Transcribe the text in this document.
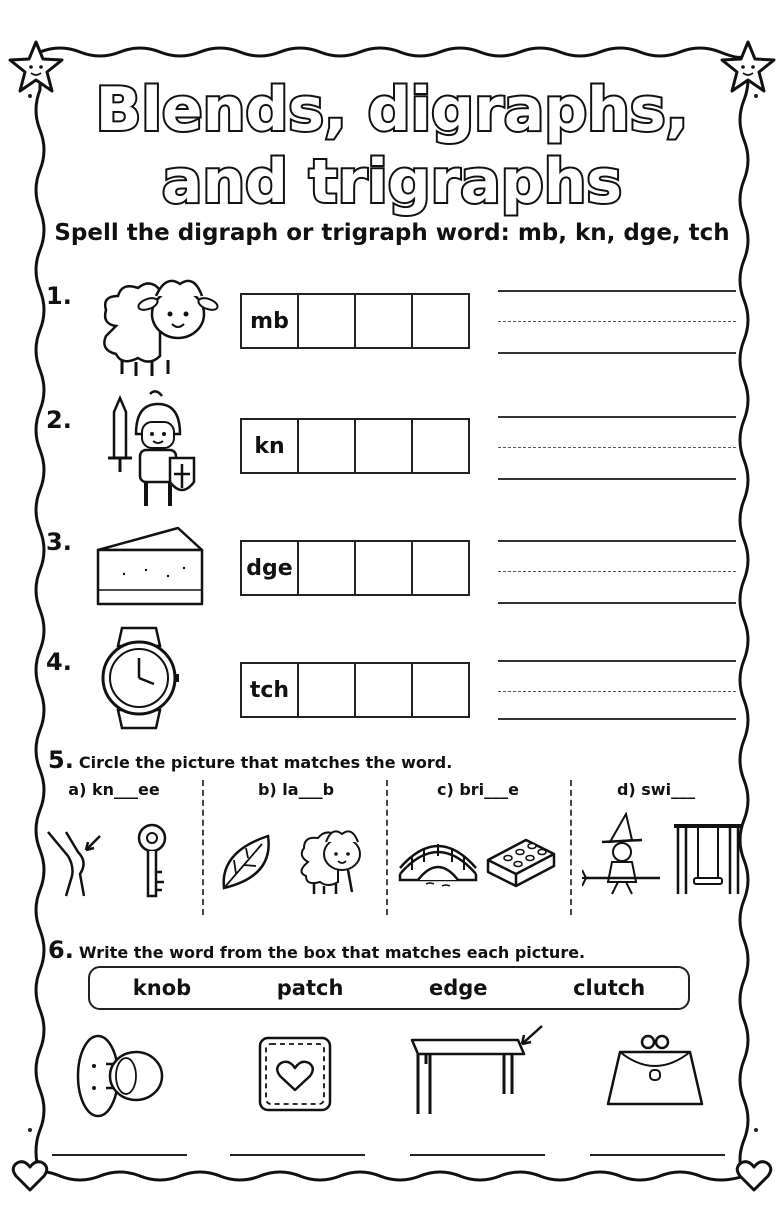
Blends, digraphs,
and trigraphs
Spell the digraph or trigraph word: mb, kn, dge, tch
1.
mb
2.
kn
3.
dge
4.
tch
5. Circle the picture that matches the word.
a) kn___ee	b) la___b	c) bri___e	d) swi___
6. Write the word from the box that matches each picture.
knob	patch	edge	clutch
